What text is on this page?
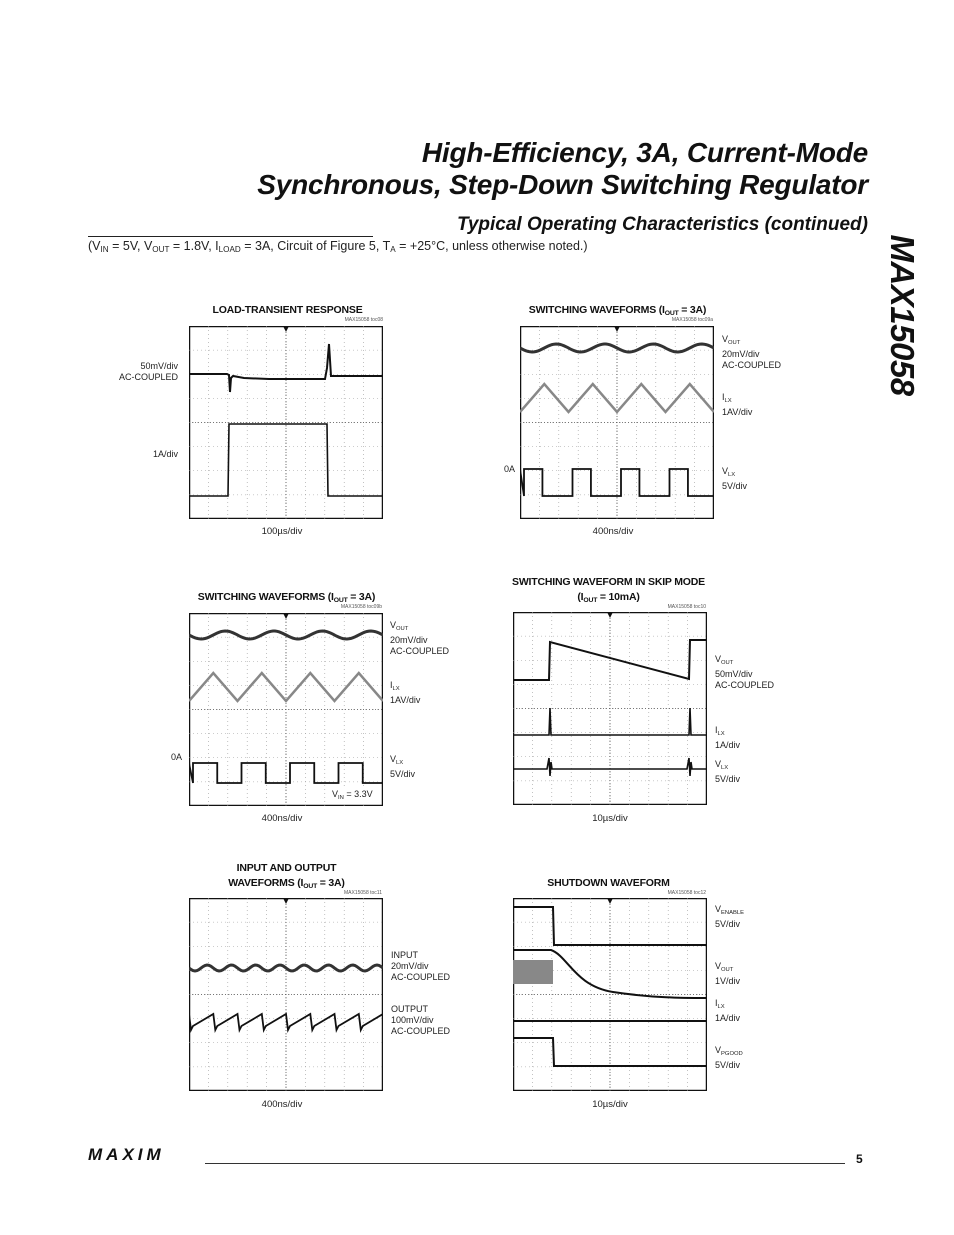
High-Efficiency, 3A, Current-Mode
Synchronous, Step-Down Switching Regulator
MAX15058
Typical Operating Characteristics (continued)
($V_{IN} = 5V$, $V_{OUT} = 1.8V$, $I_{LOAD} = 3A$, Circuit of Figure 5, $T_A = +25^\circ C$, unless otherwise noted.)
LOAD-TRANSIENT RESPONSE
MAX15058 toc08
50mV/div
AC-COUPLED
1A/div
100µs/div
SWITCHING WAVEFORMS $(I_{OUT} = 3A)$
MAX15058 toc09a
0A
$V_{OUT}$
20mV/div
AC-COUPLED
$I_{LX}$
1AV/div
$V_{LX}$
5V/div
400ns/div
SWITCHING WAVEFORMS $(I_{OUT} = 3A)$
MAX15058 toc09b
$V_{IN} = 3.3V$
0A
$V_{OUT}$
20mV/div
AC-COUPLED
$I_{LX}$
1AV/div
$V_{LX}$
5V/div
400ns/div
SWITCHING WAVEFORM IN SKIP MODE
$(I_{OUT} = 10mA)$
MAX15058 toc10
$V_{OUT}$
50mV/div
AC-COUPLED
$I_{LX}$
1A/div
$V_{LX}$
5V/div
10µs/div
INPUT AND OUTPUT
WAVEFORMS $(I_{OUT} = 3A)$
MAX15058 toc11
INPUT
20mV/div
AC-COUPLED
OUTPUT
100mV/div
AC-COUPLED
400ns/div
SHUTDOWN WAVEFORM
MAX15058 toc12
$V_{ENABLE}$
5V/div
$V_{OUT}$
1V/div
$I_{LX}$
1A/div
$V_{PGOOD}$
5V/div
10µs/div
MAXIM	5
